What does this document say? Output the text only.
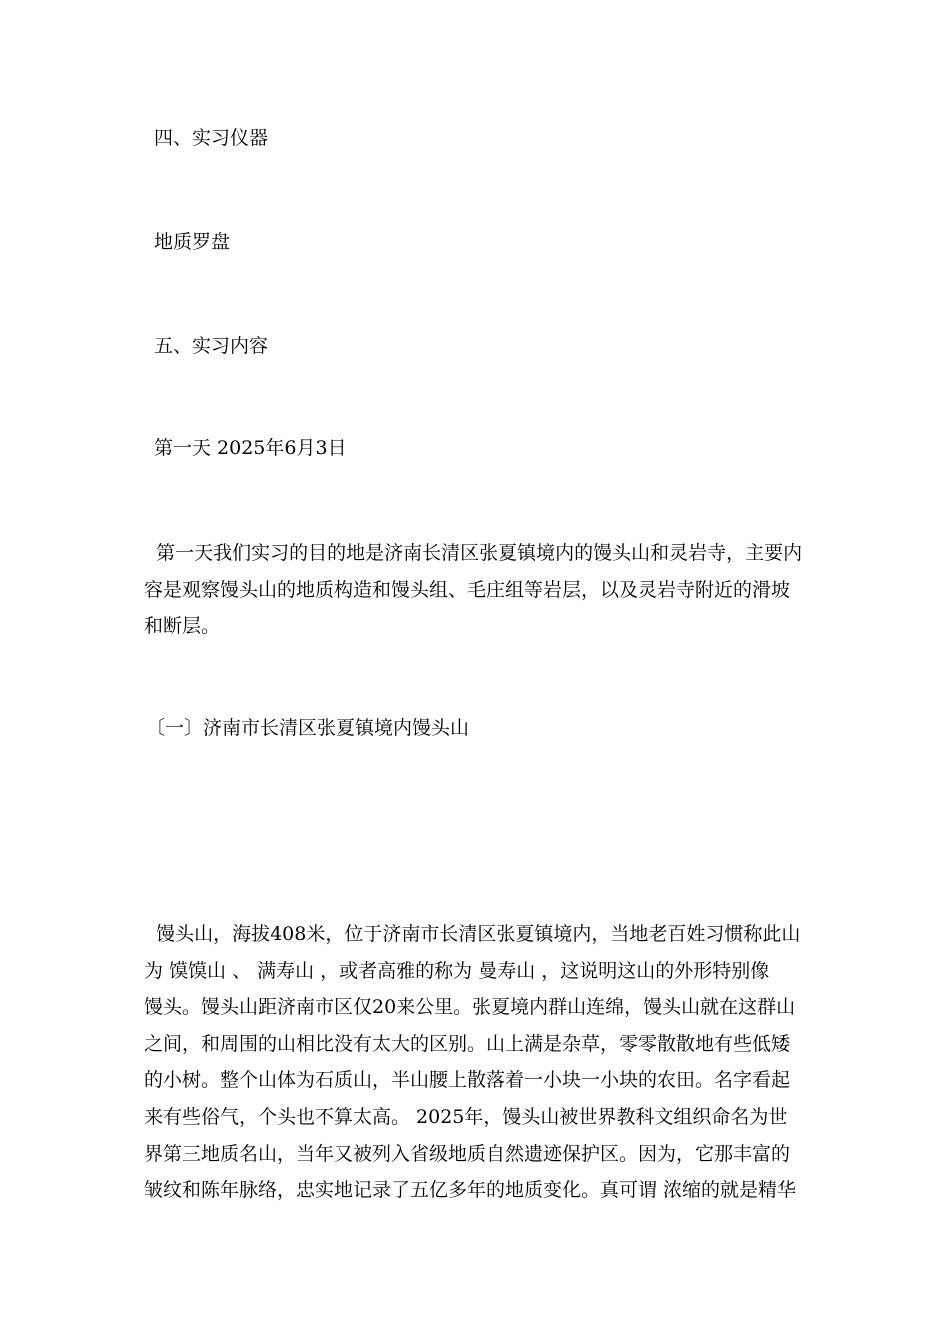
四、实习仪器

地质罗盘

五、实习内容

第一天 2025年6月3日

第一天我们实习的目的地是济南长清区张夏镇境内的馒头山和灵岩寺，主要内

容是观察馒头山的地质构造和馒头组、毛庄组等岩层，以及灵岩寺附近的滑坡

和断层。

〔一〕济南市长清区张夏镇境内馒头山

馒头山，海拔408米，位于济南市长清区张夏镇境内，当地老百姓习惯称此山

为 馍馍山 、 满寿山 ，或者高雅的称为 曼寿山 ，这说明这山的外形特别像

馒头。馒头山距济南市区仅20来公里。张夏境内群山连绵，馒头山就在这群山

之间，和周围的山相比没有太大的区别。山上满是杂草，零零散散地有些低矮

的小树。整个山体为石质山，半山腰上散落着一小块一小块的农田。名字看起

来有些俗气，个头也不算太高。 2025年，馒头山被世界教科文组织命名为世

界第三地质名山，当年又被列入省级地质自然遗迹保护区。因为，它那丰富的

皱纹和陈年脉络，忠实地记录了五亿多年的地质变化。真可谓 浓缩的就是精华
